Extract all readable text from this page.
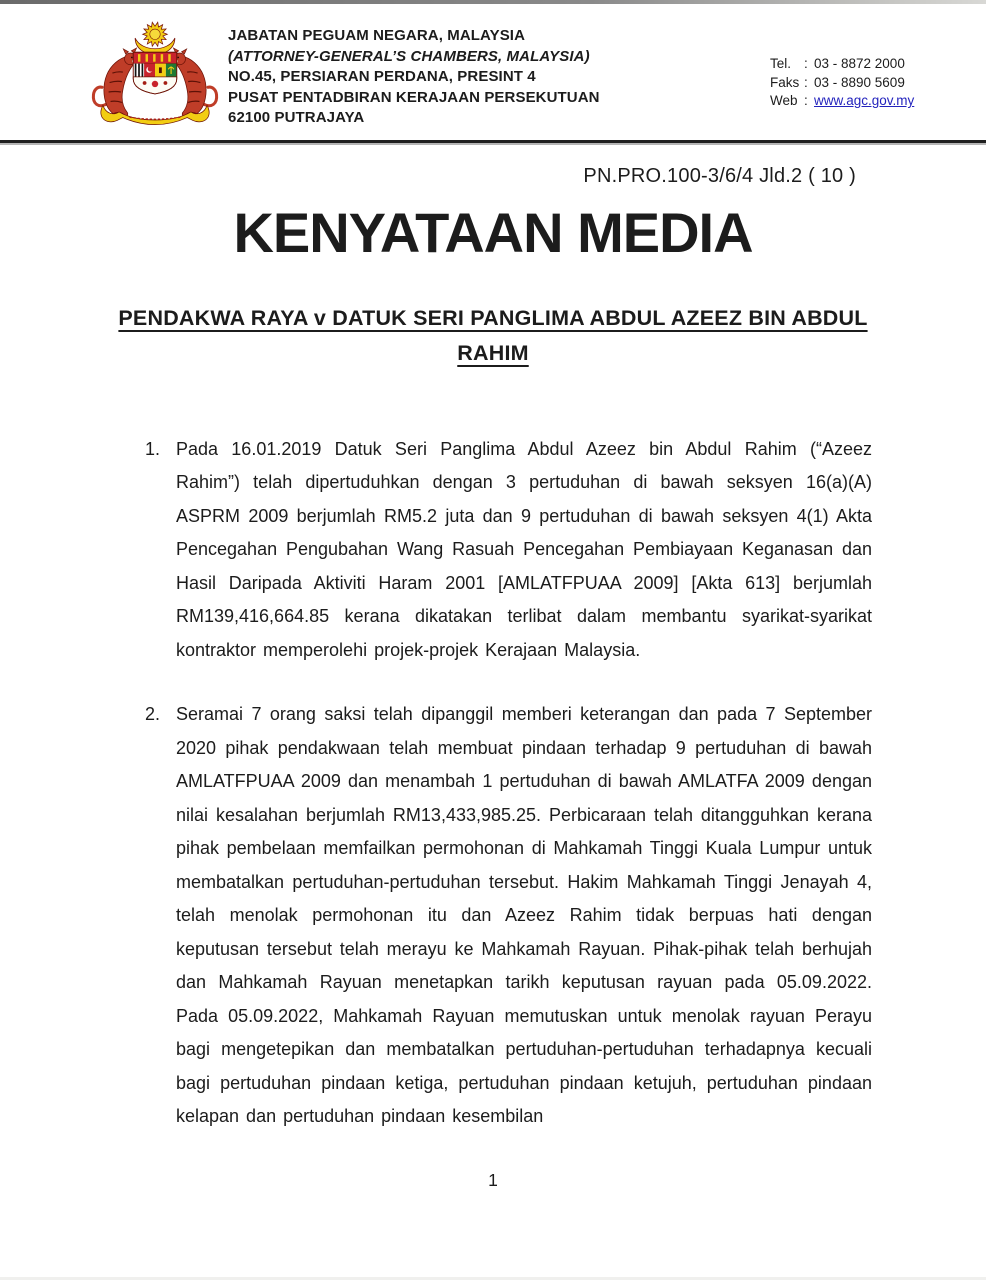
JABATAN PEGUAM NEGARA, MALAYSIA
(ATTORNEY-GENERAL’S CHAMBERS, MALAYSIA)
NO.45, PERSIARAN PERDANA, PRESINT 4
PUSAT PENTADBIRAN KERAJAAN PERSEKUTUAN
62100 PUTRAJAYA
Tel. : 03 - 8872 2000
Faks : 03 - 8890 5609
Web : www.agc.gov.my
PN.PRO.100-3/6/4 Jld.2 ( 10 )
KENYATAAN MEDIA
PENDAKWA RAYA v DATUK SERI PANGLIMA ABDUL AZEEZ BIN ABDUL RAHIM
1. Pada 16.01.2019 Datuk Seri Panglima Abdul Azeez bin Abdul Rahim (“Azeez Rahim”) telah dipertuduhkan dengan 3 pertuduhan di bawah seksyen 16(a)(A) ASPRM 2009 berjumlah RM5.2 juta dan 9 pertuduhan di bawah seksyen 4(1) Akta Pencegahan Pengubahan Wang Rasuah Pencegahan Pembiayaan Keganasan dan Hasil Daripada Aktiviti Haram 2001 [AMLATFPUAA 2009] [Akta 613] berjumlah RM139,416,664.85 kerana dikatakan terlibat dalam membantu syarikat-syarikat kontraktor memperolehi projek-projek Kerajaan Malaysia.
2. Seramai 7 orang saksi telah dipanggil memberi keterangan dan pada 7 September 2020 pihak pendakwaan telah membuat pindaan terhadap 9 pertuduhan di bawah AMLATFPUAA 2009 dan menambah 1 pertuduhan di bawah AMLATFA 2009 dengan nilai kesalahan berjumlah RM13,433,985.25. Perbicaraan telah ditangguhkan kerana pihak pembelaan memfailkan permohonan di Mahkamah Tinggi Kuala Lumpur untuk membatalkan pertuduhan-pertuduhan tersebut. Hakim Mahkamah Tinggi Jenayah 4, telah menolak permohonan itu dan Azeez Rahim tidak berpuas hati dengan keputusan tersebut telah merayu ke Mahkamah Rayuan. Pihak-pihak telah berhujah dan Mahkamah Rayuan menetapkan tarikh keputusan rayuan pada 05.09.2022. Pada 05.09.2022, Mahkamah Rayuan memutuskan untuk menolak rayuan Perayu bagi mengetepikan dan membatalkan pertuduhan-pertuduhan terhadapnya kecuali bagi pertuduhan pindaan ketiga, pertuduhan pindaan ketujuh, pertuduhan pindaan kelapan dan pertuduhan pindaan kesembilan
1
